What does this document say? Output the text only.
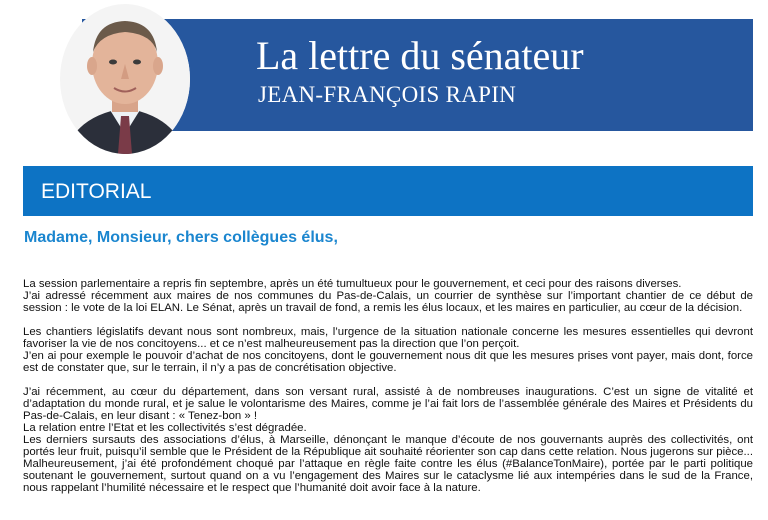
La lettre du sénateur
JEAN-FRANÇOIS RAPIN
EDITORIAL
Madame, Monsieur, chers collègues élus,

La session parlementaire a repris fin septembre, après un été tumultueux pour le gouvernement, et ceci pour des raisons diverses.

J’ai adressé récemment aux maires de nos communes du Pas-de-Calais, un courrier de synthèse sur l’important chantier de ce début de session : le vote de la loi ELAN. Le Sénat, après un travail de fond, a remis les élus locaux, et les maires en particulier, au cœur de la décision.

Les chantiers législatifs devant nous sont nombreux, mais, l’urgence de la situation nationale concerne les mesures essentielles qui devront favoriser la vie de nos concitoyens... et ce n’est malheureusement pas la direction que l’on perçoit.

J’en ai pour exemple le pouvoir d’achat de nos concitoyens, dont le gouvernement nous dit que les mesures prises vont payer, mais dont, force est de constater que, sur le terrain, il n’y a pas de concrétisation objective.

J’ai récemment, au cœur du département, dans son versant rural, assisté à de nombreuses inaugurations. C’est un signe de vitalité et d’adaptation du monde rural, et je salue le volontarisme des Maires, comme je l’ai fait lors de l’assemblée générale des Maires et Présidents du Pas-de-Calais, en leur disant : « Tenez-bon » !

La relation entre l’Etat et les collectivités s’est dégradée.

Les derniers sursauts des associations d’élus, à Marseille, dénonçant le manque d’écoute de nos gouvernants auprès des collectivités, ont portés leur fruit, puisqu’il semble que le Président de la République ait souhaité réorienter son cap dans cette relation. Nous jugerons sur pièce... Malheureusement, j’ai été profondément choqué par l’attaque en règle faite contre les élus (#BalanceTonMaire), portée par le parti politique soutenant le gouvernement, surtout quand on a vu l’engagement des Maires sur le cataclysme lié aux intempéries dans le sud de la France, nous rappelant l’humilité nécessaire et le respect que l’humanité doit avoir face à la nature.
